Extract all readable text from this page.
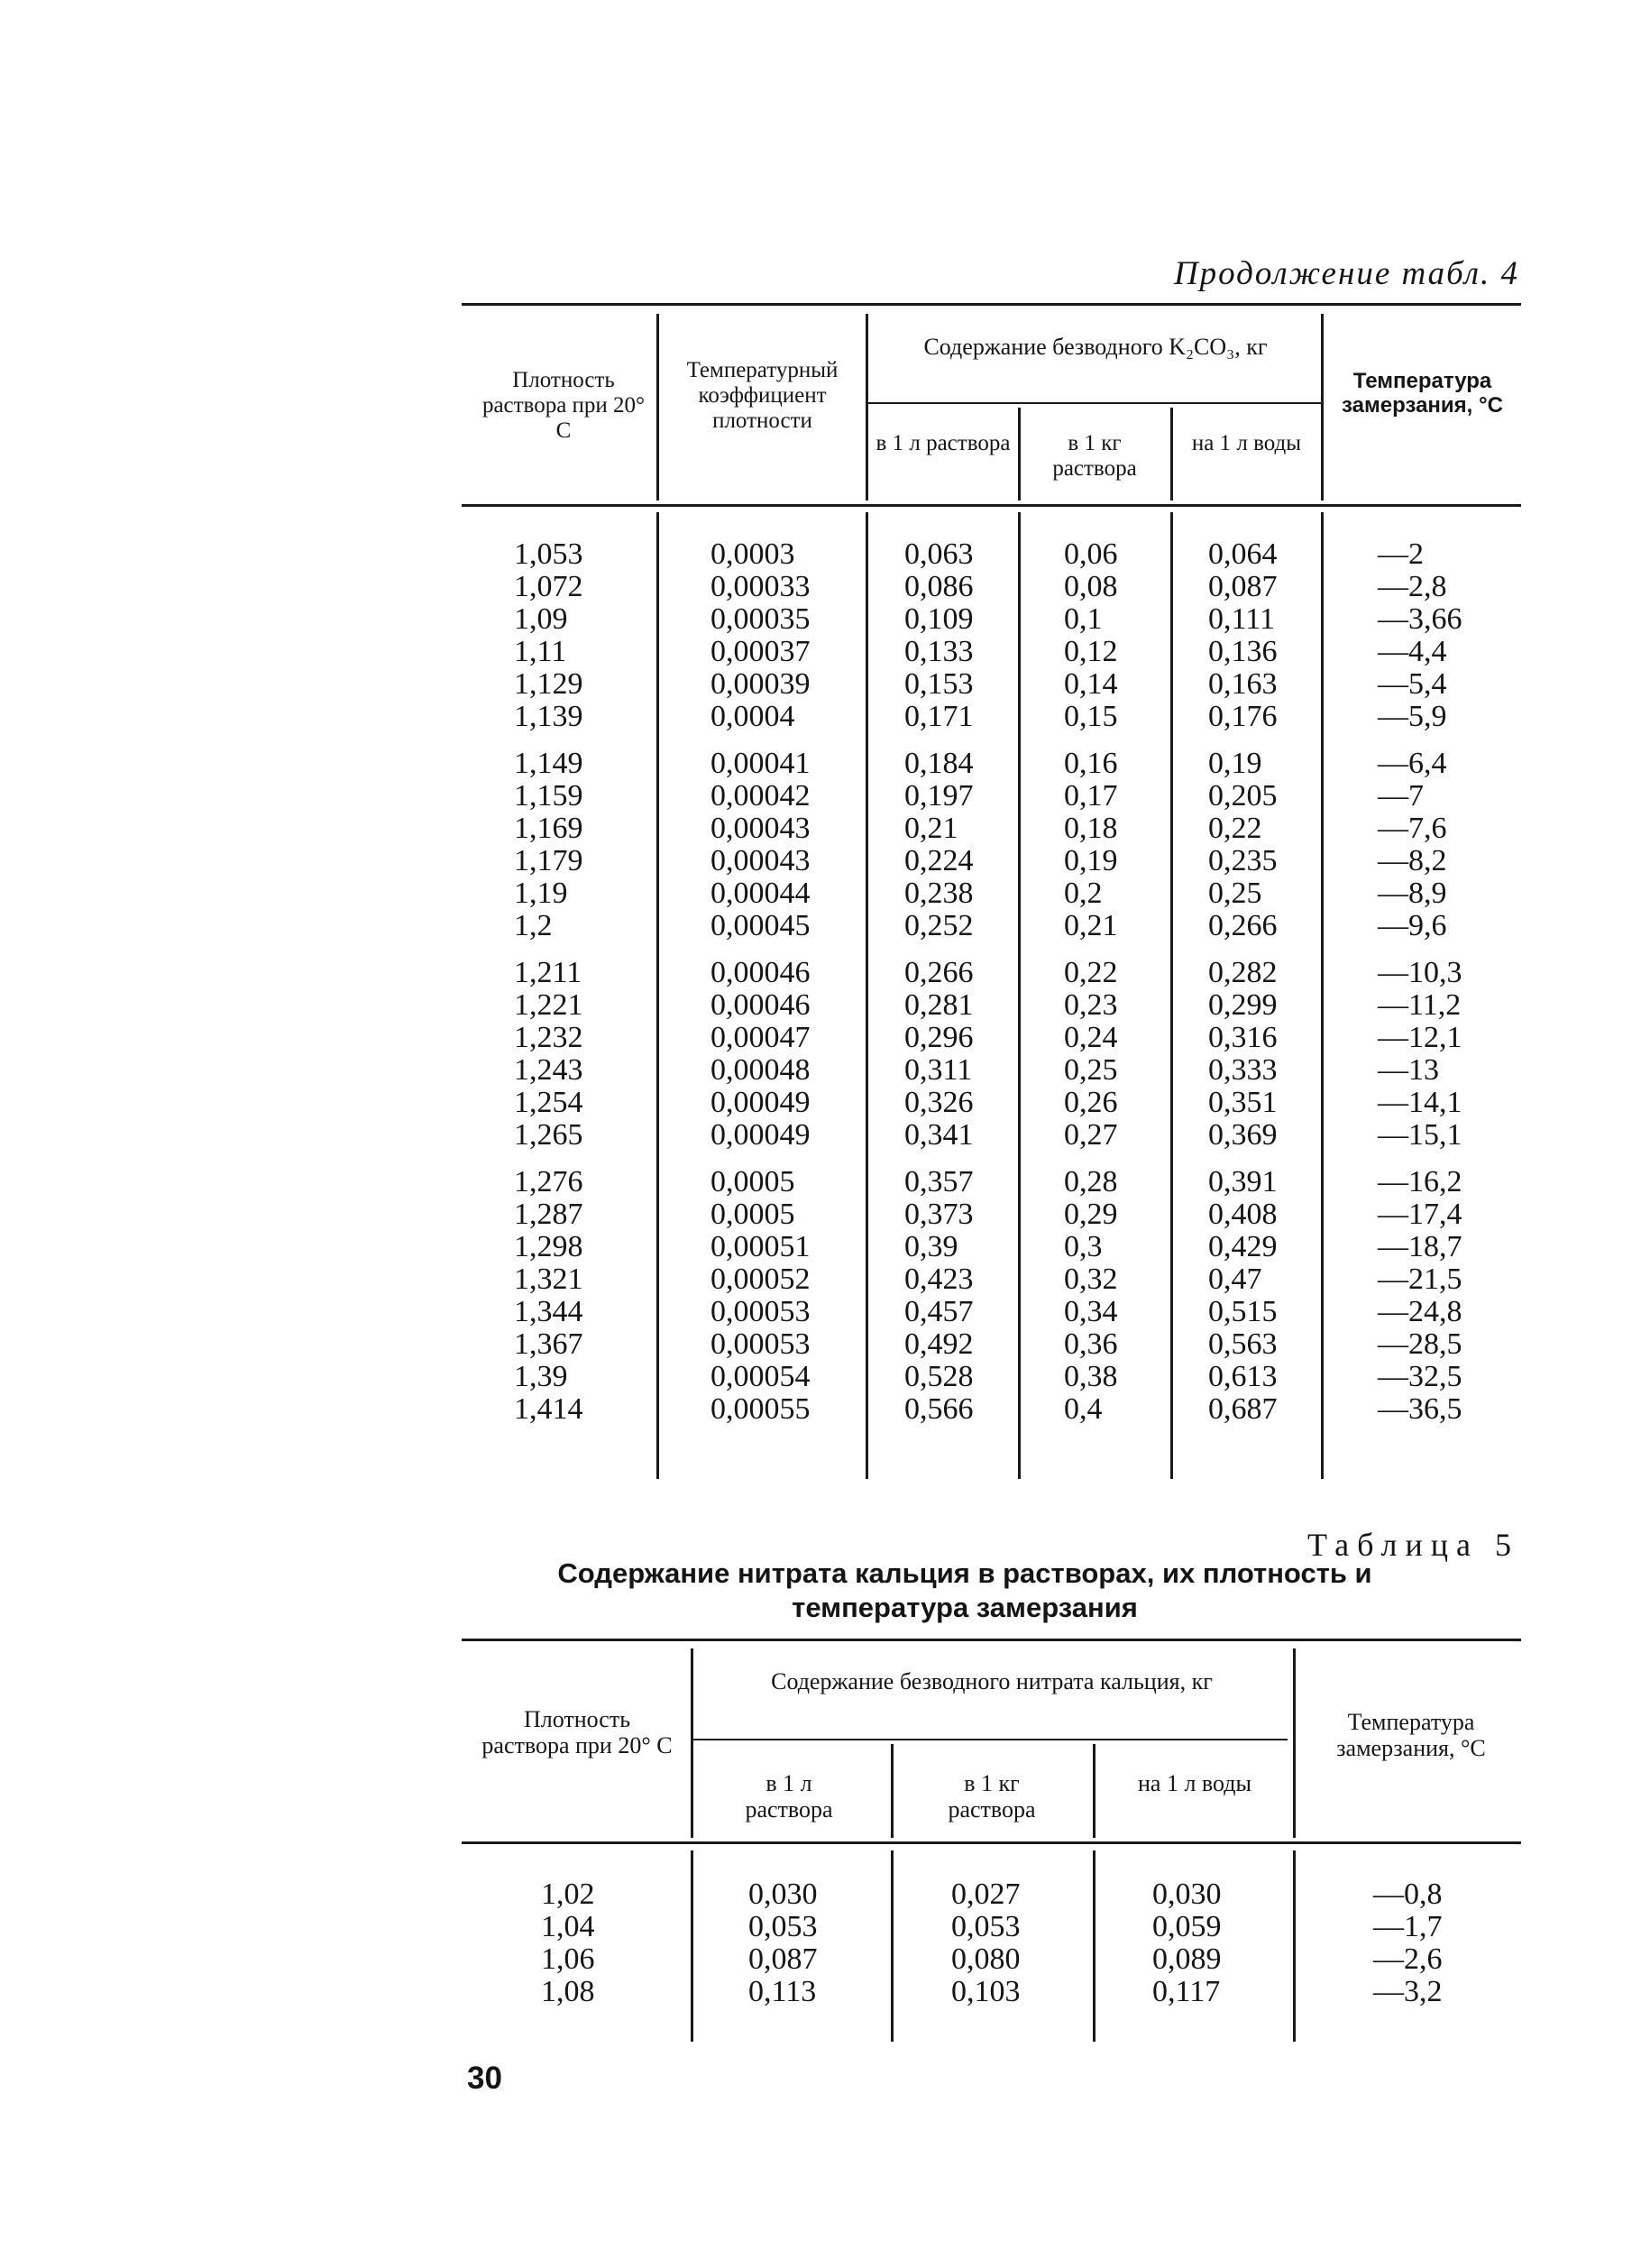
Продолжение табл. 4
Плотность раствора при 20° С
Температурный коэффициент плотности
Содержание безводного K₂CO₃, кг
в 1 л раствора	в 1 кг раствора
на 1 л воды
Температура замерзания, °С
1,053
1,072
1,09
1,11
1,129
1,139
0,0003
0,00033
0,00035
0,00037
0,00039
0,0004
0,063
0,086
0,109
0,133
0,153
0,171
0,06
0,08
0,1
0,12
0,14
0,15
0,064
0,087
0,111
0,136
0,163
0,176
—2
—2,8
—3,66
—4,4
—5,4
—5,9
1,149
1,159
1,169
1,179
1,19
1,2
0,00041
0,00042
0,00043
0,00043
0,00044
0,00045
0,184
0,197
0,21
0,224
0,238
0,252
0,16
0,17
0,18
0,19
0,2
0,21
0,19
0,205
0,22
0,235
0,25
0,266
—6,4
—7
—7,6
—8,2
—8,9
—9,6
1,211
1,221
1,232
1,243
1,254
1,265
0,00046
0,00046
0,00047
0,00048
0,00049
0,00049
0,266
0,281
0,296
0,311
0,326
0,341
0,22
0,23
0,24
0,25
0,26
0,27
0,282
0,299
0,316
0,333
0,351
0,369
—10,3
—11,2
—12,1
—13
—14,1
—15,1
1,276
1,287
1,298
1,321
1,344
1,367
1,39
1,414
0,0005
0,0005
0,00051
0,00052
0,00053
0,00053
0,00054
0,00055
0,357
0,373
0,39
0,423
0,457
0,492
0,528
0,566
0,28
0,29
0,3
0,32
0,34
0,36
0,38
0,4
0,391
0,408
0,429
0,47
0,515
0,563
0,613
0,687
—16,2
—17,4
—18,7
—21,5
—24,8
—28,5
—32,5
—36,5
Таблица 5
Содержание нитрата кальция в растворах, их плотность и температура замерзания
Плотность раствора при 20° С
Содержание безводного нитрата кальция, кг
в 1 л раствора
в 1 кг раствора
на 1 л воды
Температура замерзания, °С
1,02
1,04
1,06
1,08
0,030
0,053
0,087
0,113
0,027
0,053
0,080
0,103
0,030
0,059
0,089
0,117
—0,8
—1,7
—2,6
—3,2
30
